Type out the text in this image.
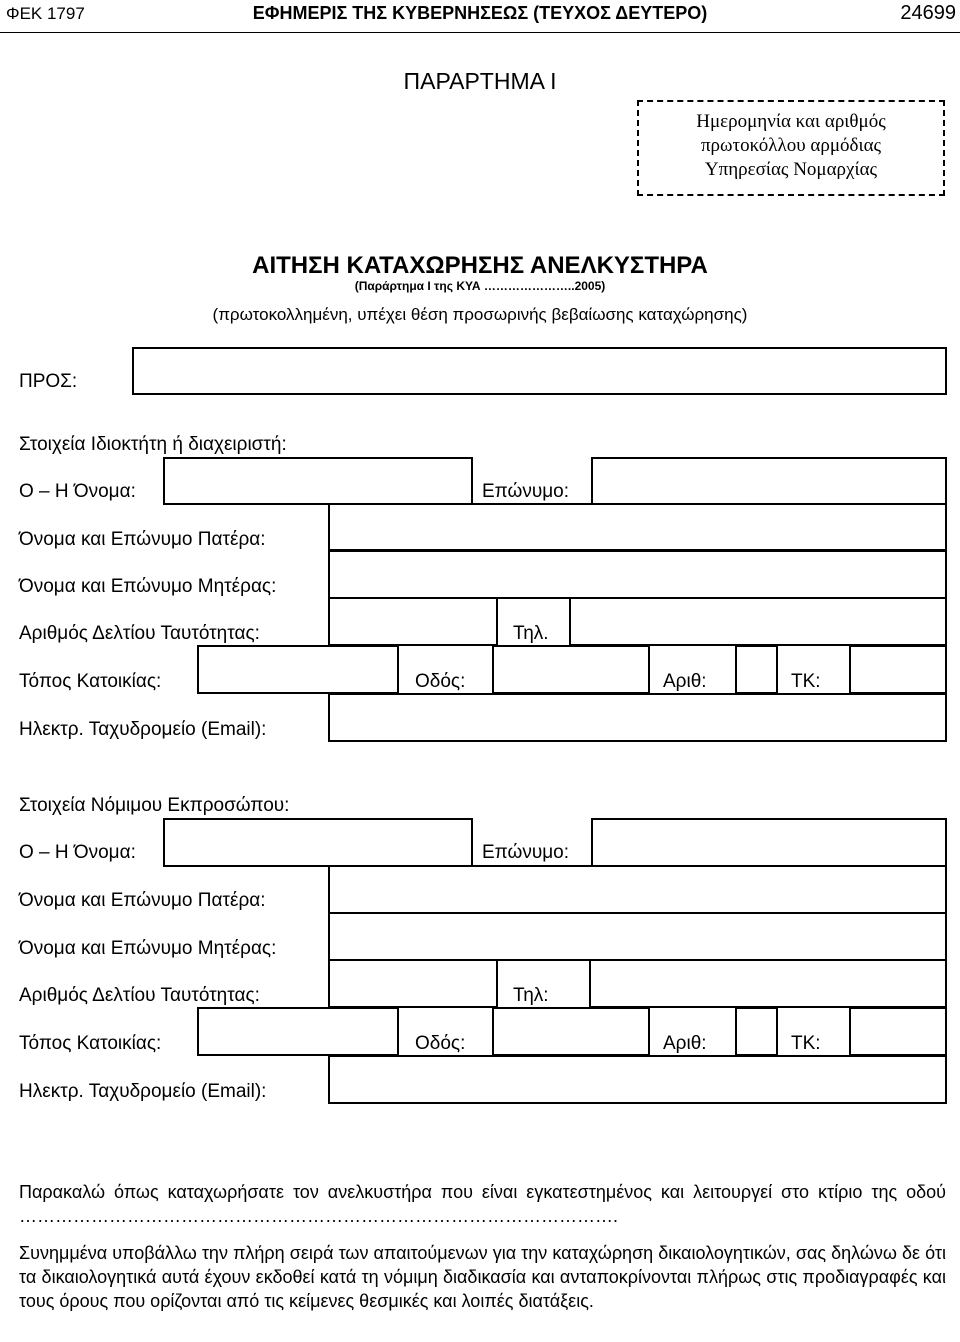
ΦΕΚ 1797	ΕΦΗΜΕΡΙΣ ΤΗΣ ΚΥΒΕΡΝΗΣΕΩΣ (ΤΕΥΧΟΣ ΔΕΥΤΕΡΟ)	24699
ΠΑΡΑΡΤΗΜΑ Ι
Ημερομηνία και αριθμός
πρωτοκόλλου αρμόδιας
Υπηρεσίας Νομαρχίας
ΑΙΤΗΣΗ ΚΑΤΑΧΩΡΗΣΗΣ ΑΝΕΛΚΥΣΤΗΡΑ
(Παράρτημα Ι της ΚΥΑ …………………..2005)
(πρωτοκολλημένη, υπέχει θέση προσωρινής βεβαίωσης καταχώρησης)
ΠΡΟΣ:
Στοιχεία Ιδιοκτήτη ή διαχειριστή:
Ο – Η Όνομα:	Επώνυμο:
Όνομα και Επώνυμο Πατέρα:
Όνομα και Επώνυμο Μητέρας:
Αριθμός Δελτίου Ταυτότητας:	Τηλ.
Τόπος Κατοικίας:	Οδός:	Αριθ:	ΤΚ:
Ηλεκτρ. Ταχυδρομείο (Email):
Στοιχεία Νόμιμου Εκπροσώπου:
Ο – Η Όνομα:	Επώνυμο:
Όνομα και Επώνυμο Πατέρα:
Όνομα και Επώνυμο Μητέρας:
Αριθμός Δελτίου Ταυτότητας:	Τηλ:
Τόπος Κατοικίας:	Οδός:	Αριθ:	ΤΚ:
Ηλεκτρ. Ταχυδρομείο (Email):
Παρακαλώ όπως καταχωρήσατε τον ανελκυστήρα που είναι εγκατεστημένος και λειτουργεί στο κτίριο της οδού ……………………………………………………………………………………….
Συνημμένα υποβάλλω την πλήρη σειρά των απαιτούμενων για την καταχώρηση δικαιολογητικών, σας δηλώνω δε ότι τα δικαιολογητικά αυτά έχουν εκδοθεί κατά τη νόμιμη διαδικασία και ανταποκρίνονται πλήρως στις προδιαγραφές και τους όρους που ορίζονται από τις κείμενες θεσμικές και λοιπές διατάξεις.
